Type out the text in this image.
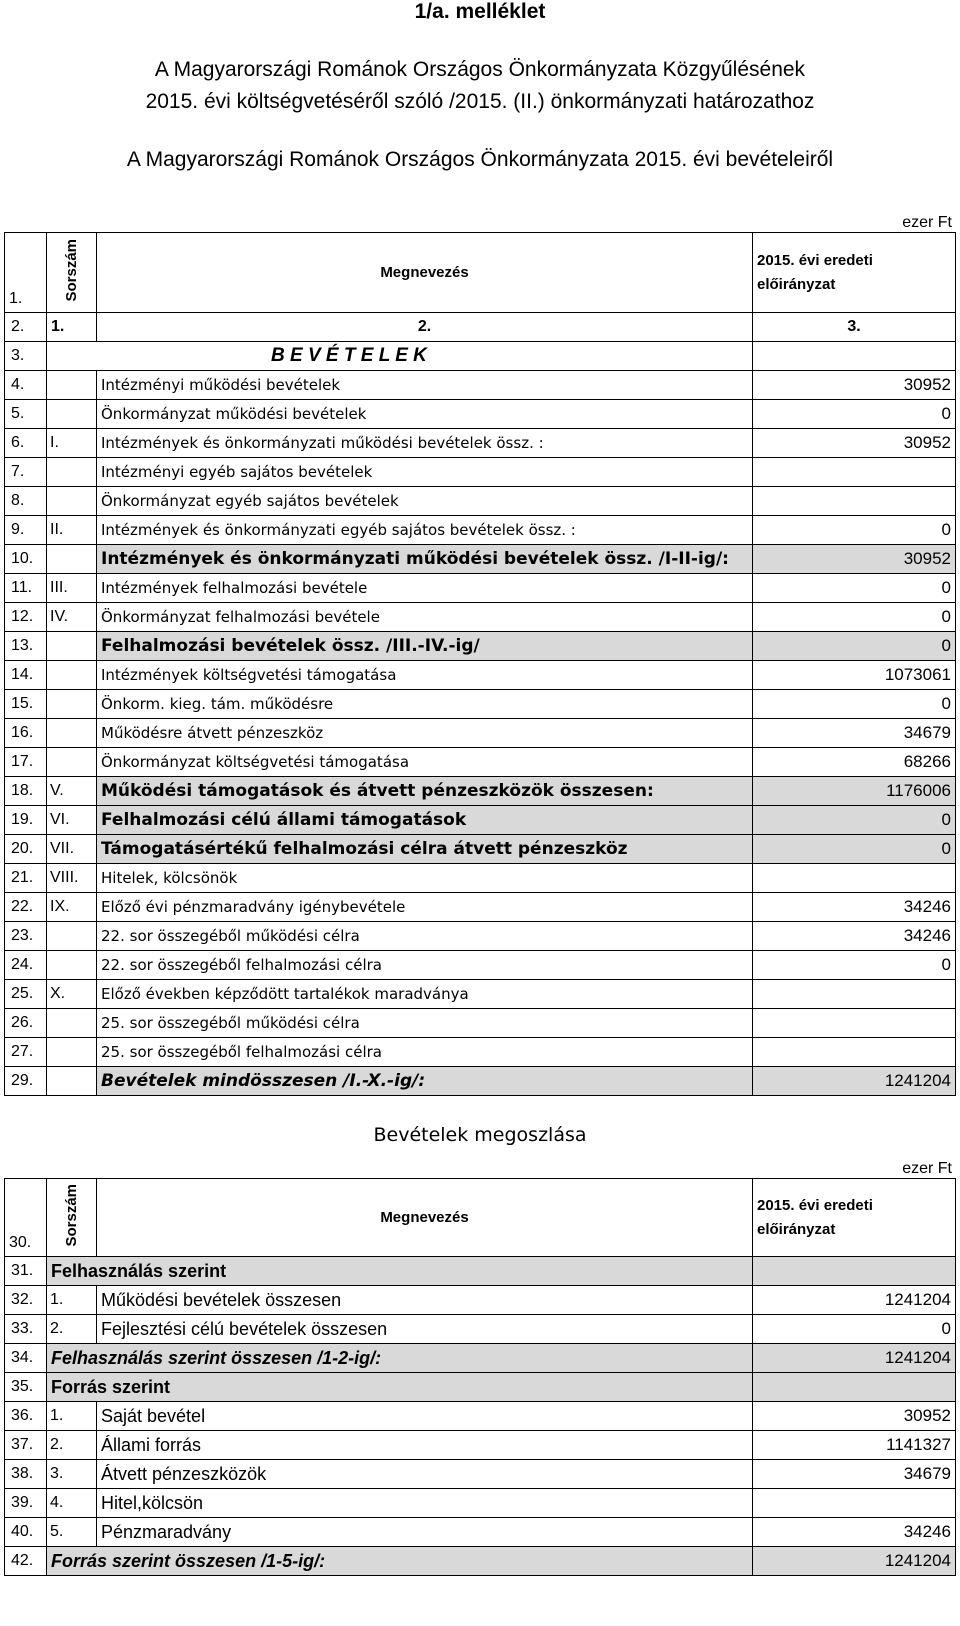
1/a. melléklet
A Magyarországi Románok Országos Önkormányzata Közgyűlésének
2015. évi költségvetéséről szóló /2015. (II.) önkormányzati határozathoz
A Magyarországi Románok Országos Önkormányzata 2015. évi bevételeiről
ezer Ft
1.	Sorszám	Megnevezés	2015. évi eredeti
előirányzat

2.	1.	2.	3.
3.	B E V É T E L E K		
4.		Intézményi működési bevételek	30952
5.		Önkormányzat működési bevételek	0
6.	I.	Intézmények és önkormányzati működési bevételek össz. :	30952
7.		Intézményi egyéb sajátos bevételek	
8.		Önkormányzat egyéb sajátos bevételek	
9.	II.	Intézmények és önkormányzati egyéb sajátos bevételek össz. :	0
10.		Intézmények és önkormányzati működési bevételek össz. /I-II-ig/:	30952
11.	III.	Intézmények felhalmozási bevétele	0
12.	IV.	Önkormányzat felhalmozási bevétele	0
13.		Felhalmozási bevételek össz. /III.-IV.-ig/	0
14.		Intézmények költségvetési támogatása	1073061
15.		Önkorm. kieg. tám. működésre	0
16.		Működésre átvett pénzeszköz	34679
17.		Önkormányzat költségvetési támogatása	68266
18.	V.	Működési támogatások és átvett pénzeszközök összesen:	1176006
19.	VI.	Felhalmozási célú állami támogatások	0
20.	VII.	Támogatásértékű felhalmozási célra átvett pénzeszköz	0
21.	VIII.	Hitelek, kölcsönök	
22.	IX.	Előző évi pénzmaradvány igénybevétele	34246
23.		22. sor összegéből működési célra	34246
24.		22. sor összegéből felhalmozási célra	0
25.	X.	Előző években képződött tartalékok maradványa	
26.		25. sor összegéből működési célra	
27.		25. sor összegéből felhalmozási célra	
29.		Bevételek mindösszesen /I.-X.-ig/:	1241204
Bevételek megoszlása
ezer Ft
30.	Sorszám	Megnevezés	2015. évi eredeti
előirányzat

31.	Felhasználás szerint		
32.	1.	Működési bevételek összesen	1241204
33.	2.	Fejlesztési célú bevételek összesen	0
34.	Felhasználás szerint összesen /1-2-ig/:		1241204
35.	Forrás szerint		
36.	1.	Saját bevétel	30952
37.	2.	Állami forrás	1141327
38.	3.	Átvett pénzeszközök	34679
39.	4.	Hitel,kölcsön	
40.	5.	Pénzmaradvány	34246
42.	Forrás szerint összesen /1-5-ig/:		1241204
